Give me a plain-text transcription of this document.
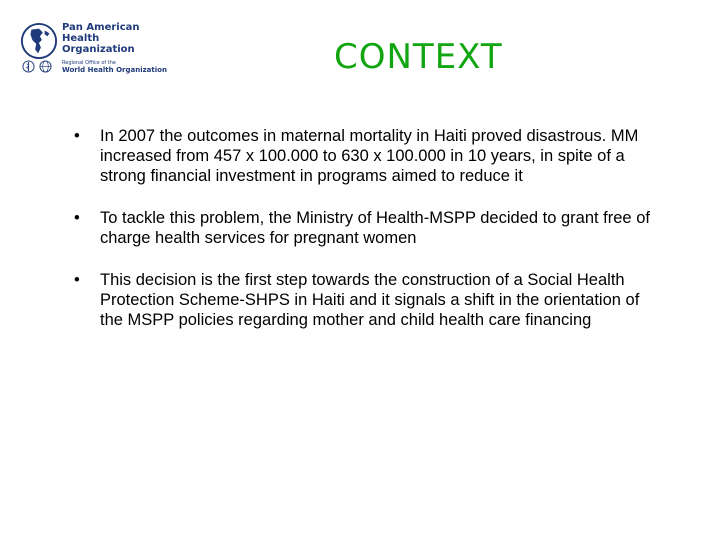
Pan American
Health
Organization
Regional Office of the
World Health Organization	CONTEXT
• In 2007 the outcomes in maternal mortality in Haiti proved disastrous. MM increased from 457 x 100.000 to 630 x 100.000 in 10 years, in spite of a strong financial investment in programs aimed to reduce it
• To tackle this problem, the Ministry of Health-MSPP decided to grant free of charge health services for pregnant women
• This decision is the first step towards the construction of a Social Health Protection Scheme-SHPS in Haiti and it signals a shift in the orientation of the MSPP policies regarding mother and child health care financing
